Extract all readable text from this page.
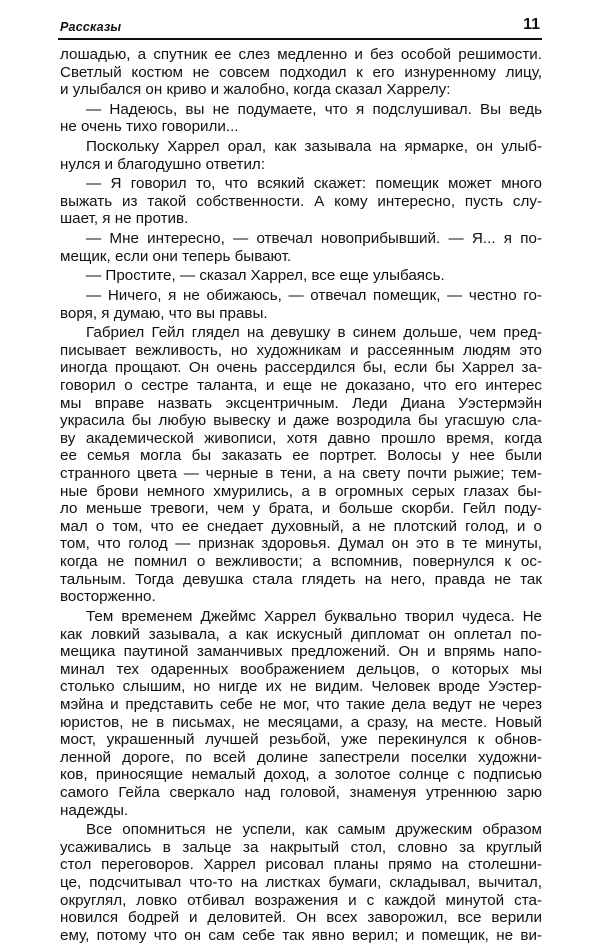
Рассказы	11
лошадью, а спутник ее слез медленно и без особой решимости.
Светлый костюм не совсем подходил к его изнуренному лицу,
и улыбался он криво и жалобно, когда сказал Харрелу:
— Надеюсь, вы не подумаете, что я подслушивал. Вы ведь
не очень тихо говорили...
Поскольку Харрел орал, как зазывала на ярмарке, он улыб-
нулся и благодушно ответил:
— Я говорил то, что всякий скажет: помещик может много
выжать из такой собственности. А кому интересно, пусть слу-
шает, я не против.
— Мне интересно, — отвечал новоприбывший. — Я... я по-
мещик, если они теперь бывают.
— Простите, — сказал Харрел, все еще улыбаясь.
— Ничего, я не обижаюсь, — отвечал помещик, — честно го-
воря, я думаю, что вы правы.
Габриел Гейл глядел на девушку в синем дольше, чем пред-
писывает вежливость, но художникам и рассеянным людям это
иногда прощают. Он очень рассердился бы, если бы Харрел за-
говорил о сестре таланта, и еще не доказано, что его интерес
мы вправе назвать эксцентричным. Леди Диана Уэстермэйн
украсила бы любую вывеску и даже возродила бы угасшую сла-
ву академической живописи, хотя давно прошло время, когда
ее семья могла бы заказать ее портрет. Волосы у нее были
странного цвета — черные в тени, а на свету почти рыжие; тем-
ные брови немного хмурились, а в огромных серых глазах бы-
ло меньше тревоги, чем у брата, и больше скорби. Гейл поду-
мал о том, что ее снедает духовный, а не плотский голод, и о
том, что голод — признак здоровья. Думал он это в те минуты,
когда не помнил о вежливости; а вспомнив, повернулся к ос-
тальным. Тогда девушка стала глядеть на него, правда не так
восторженно.
Тем временем Джеймс Харрел буквально творил чудеса. Не
как ловкий зазывала, а как искусный дипломат он оплетал по-
мещика паутиной заманчивых предложений. Он и впрямь напо-
минал тех одаренных воображением дельцов, о которых мы
столько слышим, но нигде их не видим. Человек вроде Уэстер-
мэйна и представить себе не мог, что такие дела ведут не через
юристов, не в письмах, не месяцами, а сразу, на месте. Новый
мост, украшенный лучшей резьбой, уже перекинулся к обнов-
ленной дороге, по всей долине запестрели поселки художни-
ков, приносящие немалый доход, а золотое солнце с подписью
самого Гейла сверкало над головой, знаменуя утреннюю зарю
надежды.
Все опомниться не успели, как самым дружеским образом
усаживались в зальце за накрытый стол, словно за круглый
стол переговоров. Харрел рисовал планы прямо на столешни-
це, подсчитывал что-то на листках бумаги, складывал, вычитал,
округлял, ловко отбивал возражения и с каждой минутой ста-
новился бодрей и деловитей. Он всех заворожил, все верили
ему, потому что он сам себе так явно верил; и помещик, не ви-
